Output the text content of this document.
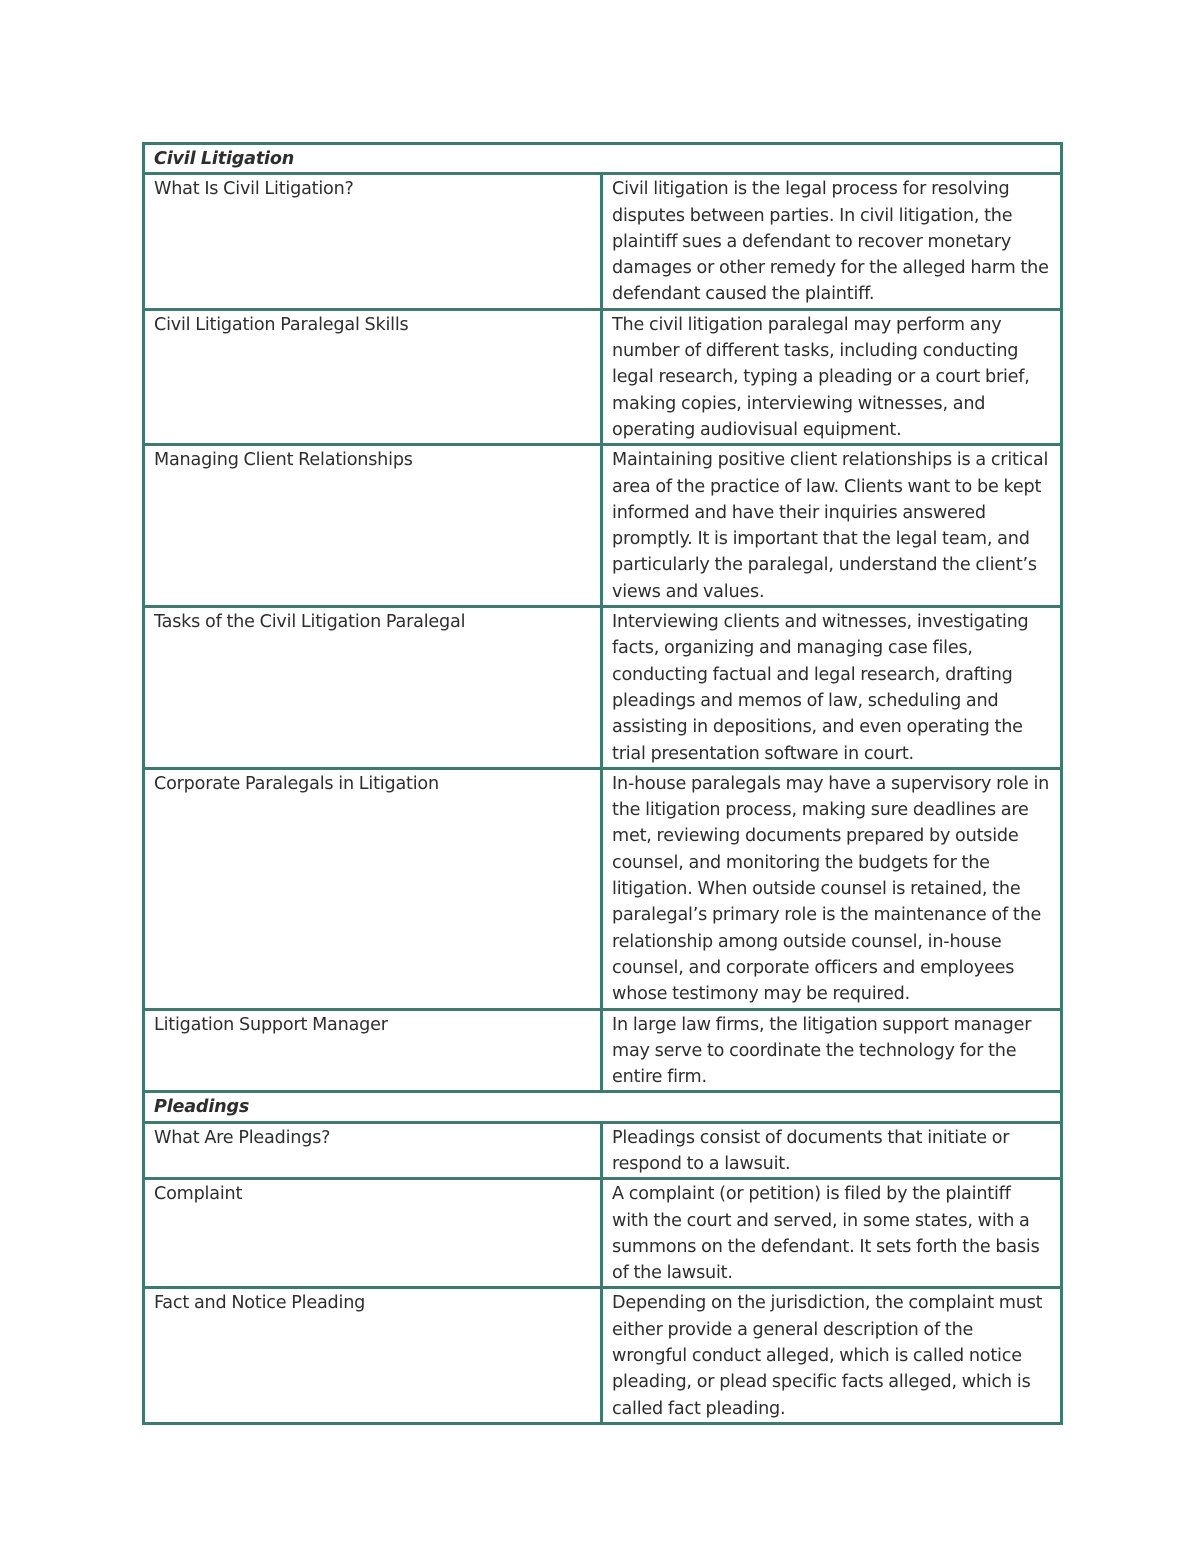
Civil Litigation	
What Is Civil Litigation?	Civil litigation is the legal process for resolving disputes between parties. In civil litigation, the plaintiff sues a defendant to recover monetary damages or other remedy for the alleged harm the defendant caused the plaintiff.
Civil Litigation Paralegal Skills	The civil litigation paralegal may perform any number of different tasks, including conducting legal research, typing a pleading or a court brief, making copies, interviewing witnesses, and operating audiovisual equipment.
Managing Client Relationships	Maintaining positive client relationships is a critical area of the practice of law. Clients want to be kept informed and have their inquiries answered promptly. It is important that the legal team, and particularly the paralegal, understand the client’s views and values.
Tasks of the Civil Litigation Paralegal	Interviewing clients and witnesses, investigating facts, organizing and managing case files, conducting factual and legal research, drafting pleadings and memos of law, scheduling and assisting in depositions, and even operating the trial presentation software in court.
Corporate Paralegals in Litigation	In-house paralegals may have a supervisory role in the litigation process, making sure deadlines are met, reviewing documents prepared by outside counsel, and monitoring the budgets for the litigation. When outside counsel is retained, the paralegal’s primary role is the maintenance of the relationship among outside counsel, in-house counsel, and corporate officers and employees whose testimony may be required.
Litigation Support Manager	In large law firms, the litigation support manager may serve to coordinate the technology for the entire firm.
Pleadings	
What Are Pleadings?	Pleadings consist of documents that initiate or respond to a lawsuit.
Complaint	A complaint (or petition) is filed by the plaintiff with the court and served, in some states, with a summons on the defendant. It sets forth the basis of the lawsuit.
Fact and Notice Pleading	Depending on the jurisdiction, the complaint must either provide a general description of the wrongful conduct alleged, which is called notice pleading, or plead specific facts alleged, which is called fact pleading.
